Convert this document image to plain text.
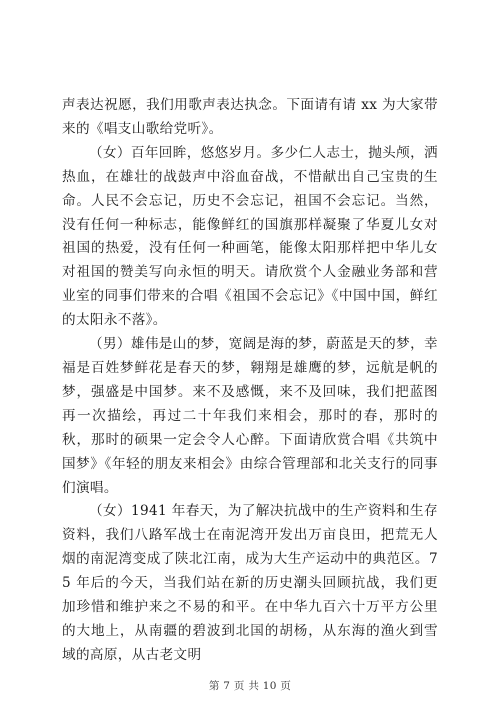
声表达祝愿，我们用歌声表达执念。下面请有请 xx 为大家带来的《唱支山歌给党听》。

（女）百年回眸，悠悠岁月。多少仁人志士，抛头颅，洒热血，在雄壮的战鼓声中浴血奋战，不惜献出自己宝贵的生命。人民不会忘记，历史不会忘记，祖国不会忘记。当然，没有任何一种标志，能像鲜红的国旗那样凝聚了华夏儿女对祖国的热爱，没有任何一种画笔，能像太阳那样把中华儿女对祖国的赞美写向永恒的明天。请欣赏个人金融业务部和营业室的同事们带来的合唱《祖国不会忘记》《中国中国，鲜红的太阳永不落》。

（男）雄伟是山的梦，宽阔是海的梦，蔚蓝是天的梦，幸福是百姓梦鲜花是春天的梦，翱翔是雄鹰的梦，远航是帆的梦，强盛是中国梦。来不及感慨，来不及回味，我们把蓝图再一次描绘，再过二十年我们来相会，那时的春，那时的秋，那时的硕果一定会令人心醉。下面请欣赏合唱《共筑中国梦》《年轻的朋友来相会》由综合管理部和北关支行的同事们演唱。

（女）1941 年春天，为了解决抗战中的生产资料和生存资料，我们八路军战士在南泥湾开发出万亩良田，把荒无人烟的南泥湾变成了陕北江南，成为大生产运动中的典范区。75 年后的今天，当我们站在新的历史潮头回顾抗战，我们更加珍惜和维护来之不易的和平。在中华九百六十万平方公里的大地上，从南疆的碧波到北国的胡杨，从东海的渔火到雪域的高原，从古老文明

第 7 页 共 10 页
